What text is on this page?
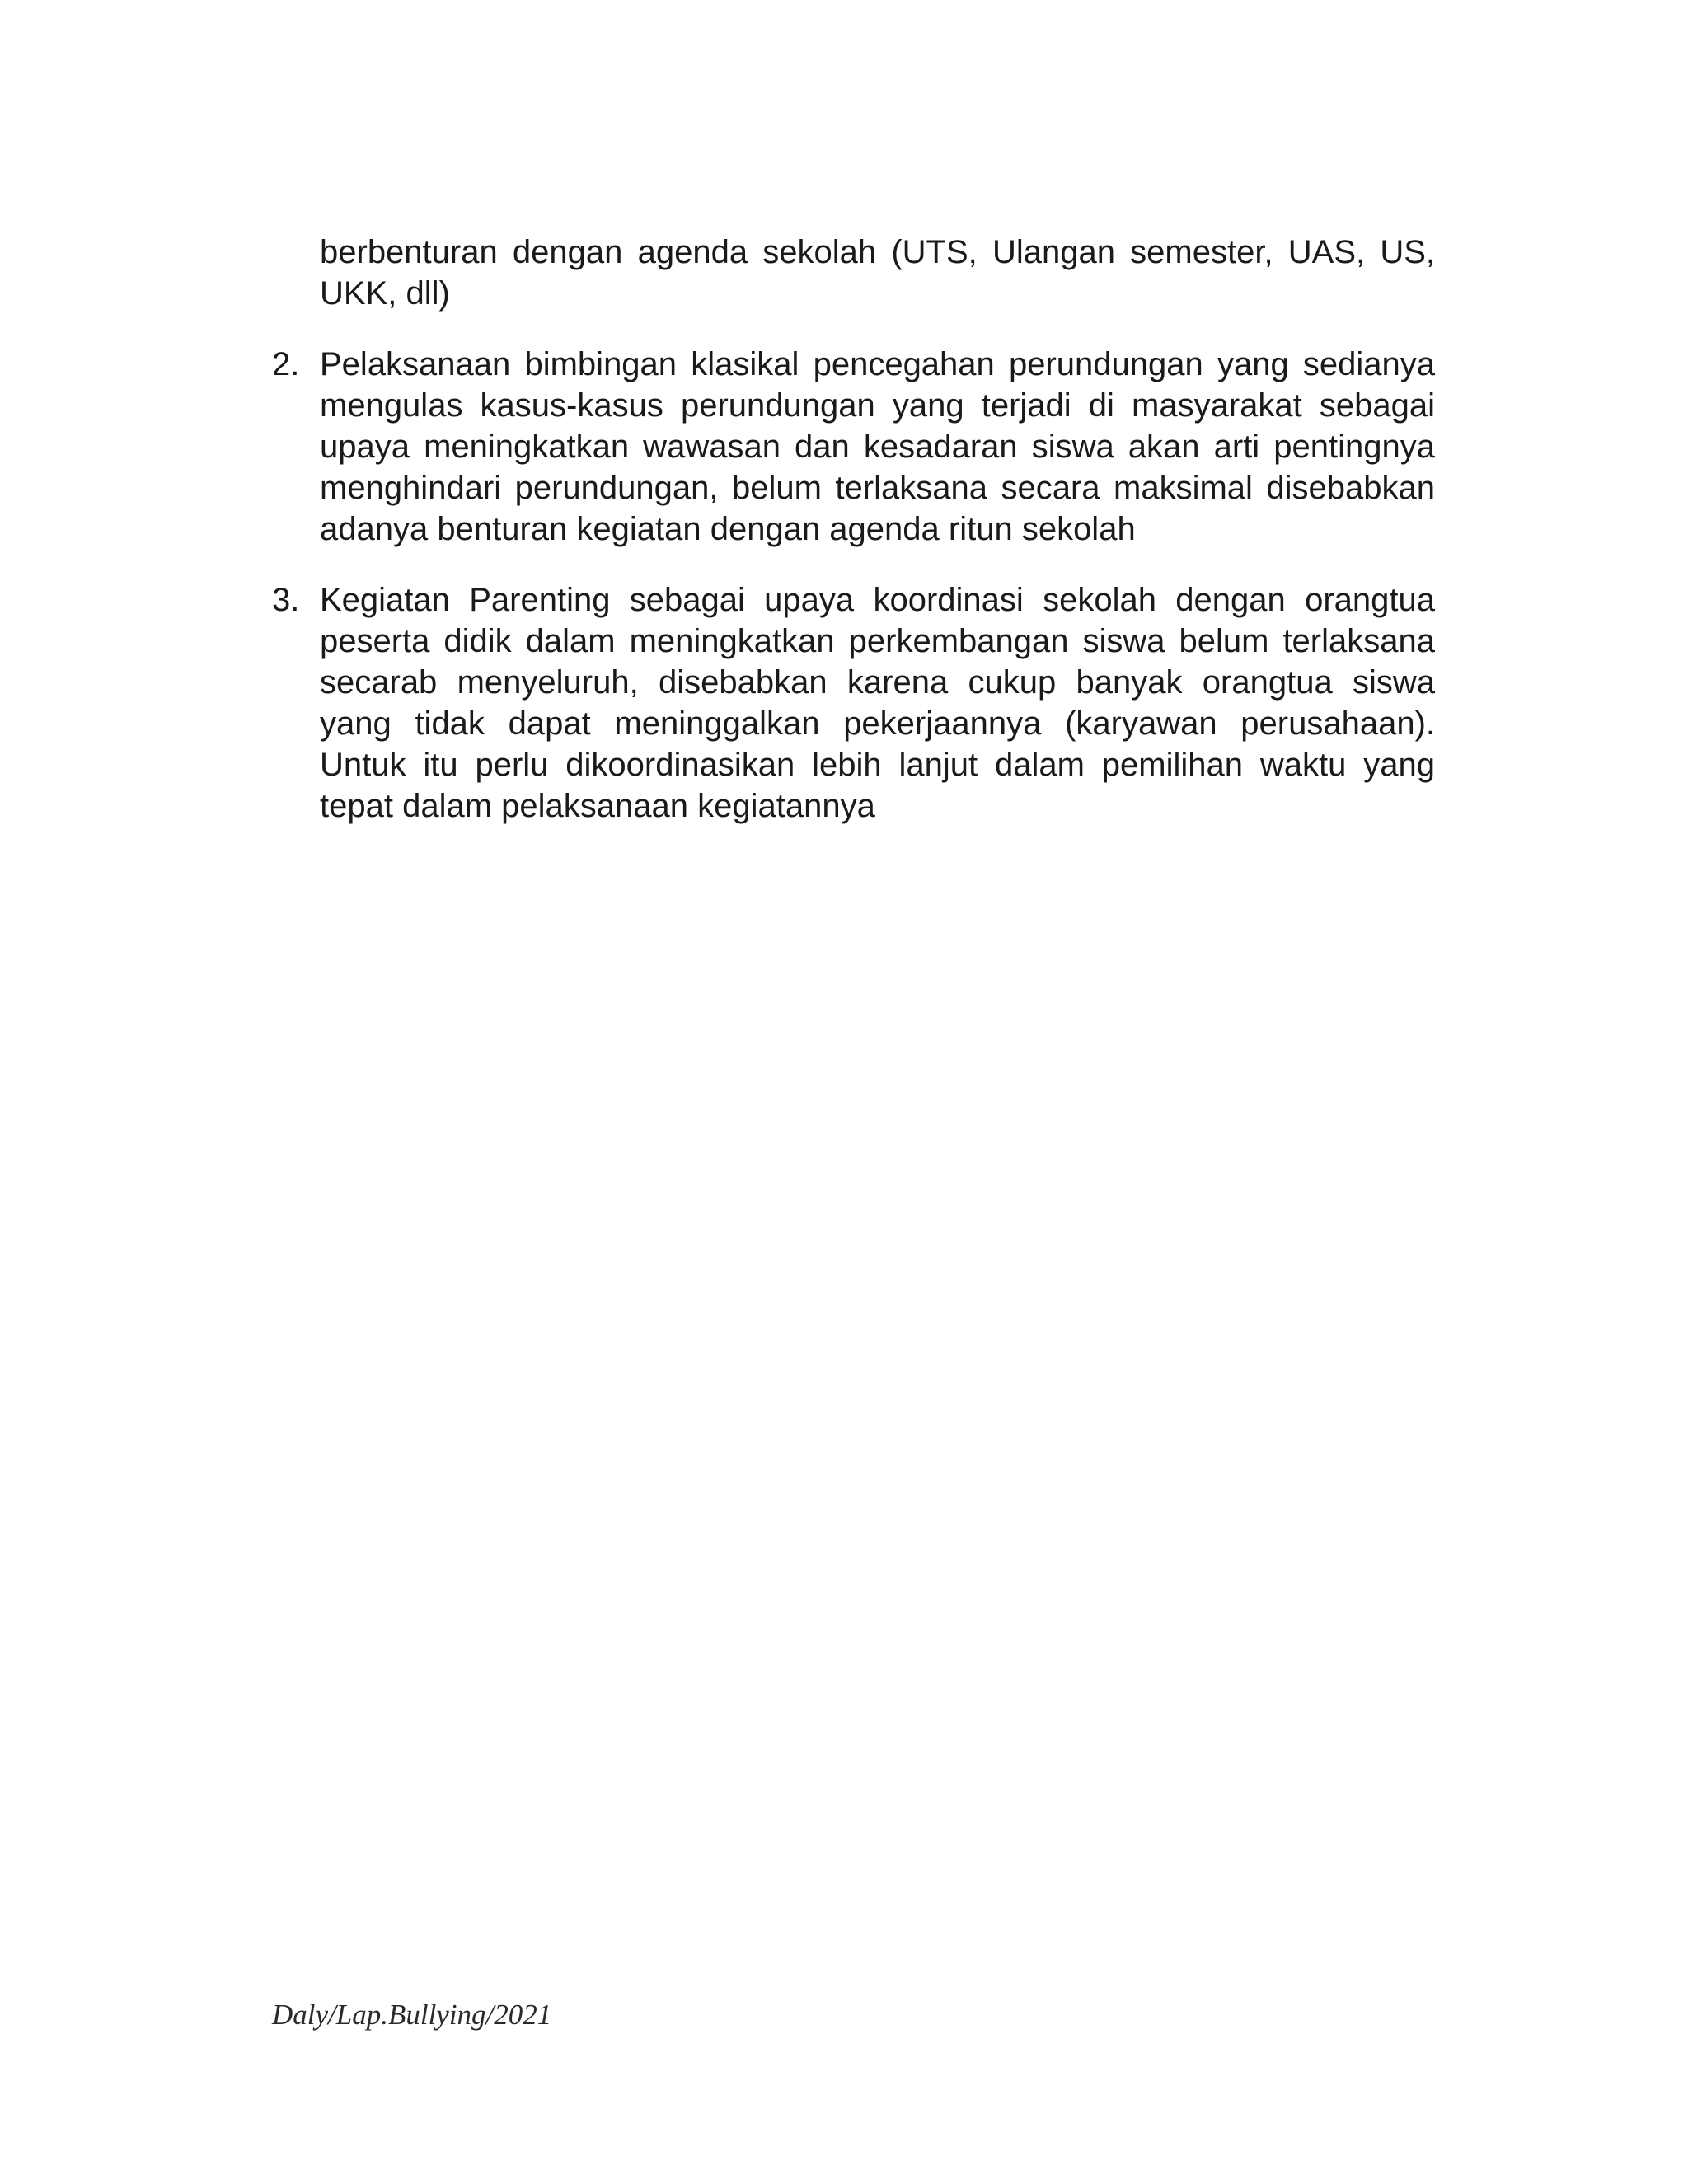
berbenturan dengan agenda sekolah (UTS, Ulangan semester, UAS, US, UKK, dll)

2. Pelaksanaan bimbingan klasikal pencegahan perundungan yang sedianya mengulas kasus-kasus perundungan yang terjadi di masyarakat sebagai upaya meningkatkan wawasan dan kesadaran siswa akan arti pentingnya menghindari perundungan, belum terlaksana secara maksimal disebabkan adanya benturan kegiatan dengan agenda ritun sekolah
3. Kegiatan Parenting sebagai upaya koordinasi sekolah dengan orangtua peserta didik dalam meningkatkan perkembangan siswa belum terlaksana secarab menyeluruh, disebabkan karena cukup banyak orangtua siswa yang tidak dapat meninggalkan pekerjaannya (karyawan perusahaan). Untuk itu perlu dikoordinasikan lebih lanjut dalam pemilihan waktu yang tepat dalam pelaksanaan kegiatannya
Daly/Lap.Bullying/2021
